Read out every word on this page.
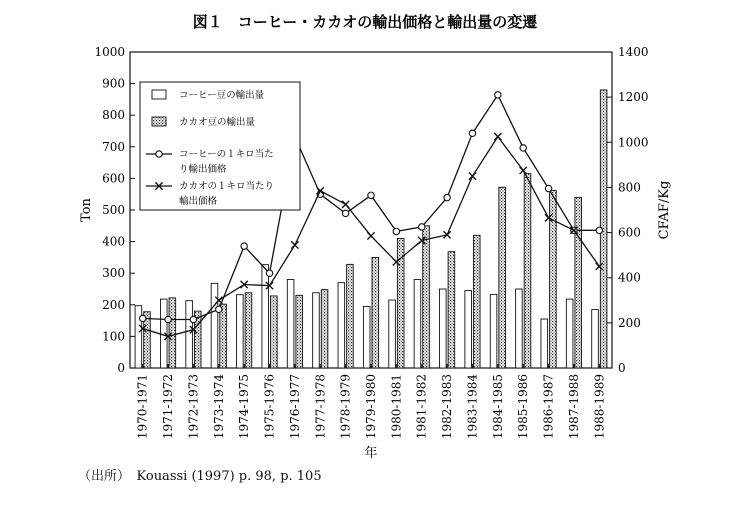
図１　コーヒー・カカオの輸出価格と輸出量の変遷
0
100
200
300
400
500
600
700
800
900
1000
0
200
400
600
800
1000
1200
1400
Ton	CFAF/Kg
年
1970-1971 1971-1972 1972-1973 1973-1974 1974-1975 1975-1976 1976-1977 1977-1978 1978-1979 1979-1980 1980-1981 1981-1982 1982-1983 1983-1984 1984-1985 1985-1986 1986-1987 1987-1988 1988-1989
コーヒー豆の輸出量
カカオ豆の輸出量
コーヒーの１キロ当た
り輸出価格
カカオの１キロ当たり
輸出価格
（出所）　Kouassi (1997) p. 98, p. 105
